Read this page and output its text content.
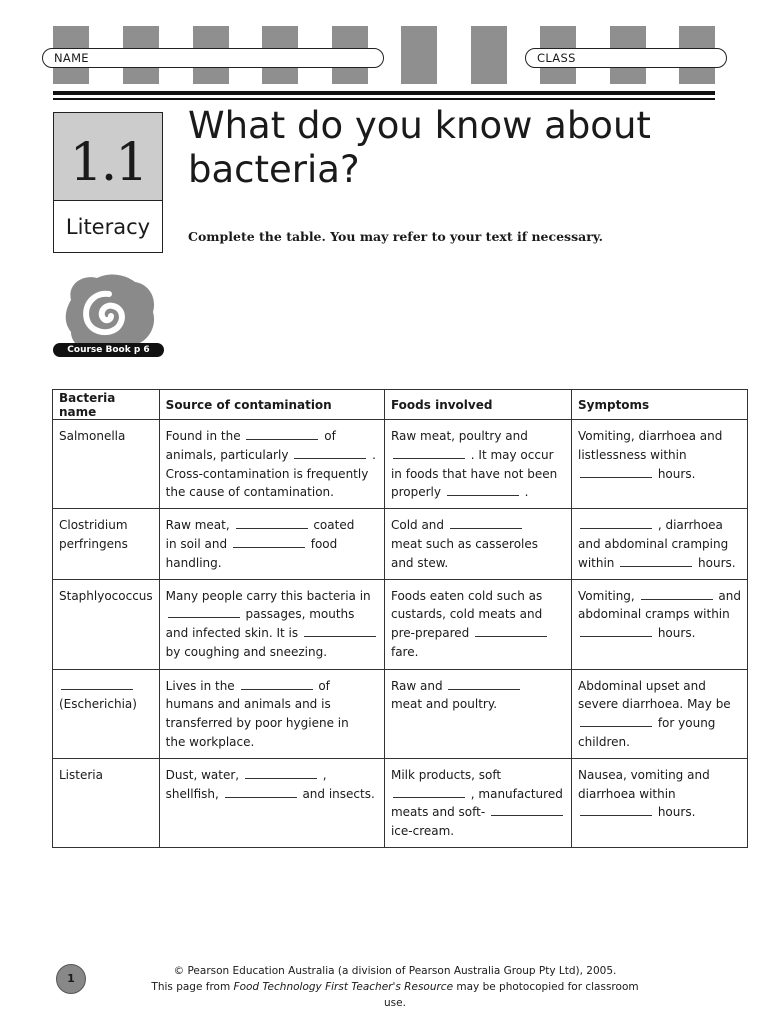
NAME	CLASS
1.1
Literacy
What do you know about
bacteria?
Complete the table. You may refer to your text if necessary.
Course Book p 6
Bacteria name	Source of contamination	Foods involved	Symptoms

Salmonella	Found in the of
animals, particularly .
Cross-contamination is frequently
the cause of contamination.	Raw meat, poultry and
. It may occur
in foods that have not been
properly .	Vomiting, diarrhoea and
listlessness within
hours.

Clostridium
perfringens	Raw meat, coated
in soil and food
handling.	Cold and
meat such as casseroles
and stew.	, diarrhoea
and abdominal cramping
within hours.

Staphlyococcus	Many people carry this bacteria in
passages, mouths
and infected skin. It is
by coughing and sneezing.	Foods eaten cold such as
custards, cold meats and
pre-prepared
fare.	Vomiting, and
abdominal cramps within
hours.

(Escherichia)	Lives in the of
humans and animals and is
transferred by poor hygiene in
the workplace.	Raw and
meat and poultry.	Abdominal upset and
severe diarrhoea. May be
for young
children.

Listeria	Dust, water, ,
shellfish, and insects.	Milk products, soft
, manufactured
meats and soft-
ice-cream.	Nausea, vomiting and
diarrhoea within
hours.
1
© Pearson Education Australia (a division of Pearson Australia Group Pty Ltd), 2005.
This page from Food Technology First Teacher's Resource may be photocopied for classroom use.
